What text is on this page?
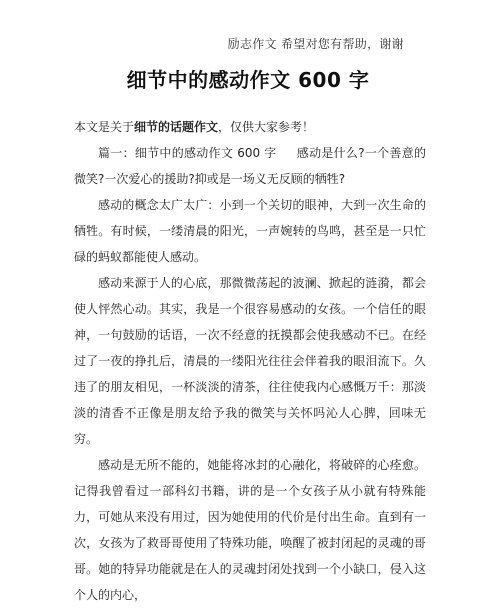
励志作文 希望对您有帮助，谢谢
细节中的感动作文 600 字

本文是关于细节的话题作文，仅供大家参考！

篇一：细节中的感动作文 600 字 感动是什么?一个善意的微笑?一次爱心的援助?抑或是一场义无反顾的牺牲?

感动的概念太广太广：小到一个关切的眼神，大到一次生命的牺牲。有时候，一缕清晨的阳光，一声婉转的鸟鸣，甚至是一只忙碌的蚂蚁都能使人感动。

感动来源于人的心底，那微微荡起的波澜、掀起的涟漪，都会使人怦然心动。其实，我是一个很容易感动的女孩。一个信任的眼神，一句鼓励的话语，一次不经意的抚摸都会使我感动不已。在经过了一夜的挣扎后，清晨的一缕阳光往往会伴着我的眼泪流下。久违了的朋友相见，一杯淡淡的清茶，往往使我内心感慨万千：那淡淡的清香不正像是朋友给予我的微笑与关怀吗沁人心脾，回味无穷。

感动是无所不能的，她能将冰封的心融化，将破碎的心痊愈。记得我曾看过一部科幻书籍，讲的是一个女孩子从小就有特殊能力，可她从来没有用过，因为她使用的代价是付出生命。直到有一次，女孩为了救哥哥使用了特殊功能，唤醒了被封闭起的灵魂的哥哥。她的特异功能就是在人的灵魂封闭处找到一个小缺口，侵入这个人的内心，
